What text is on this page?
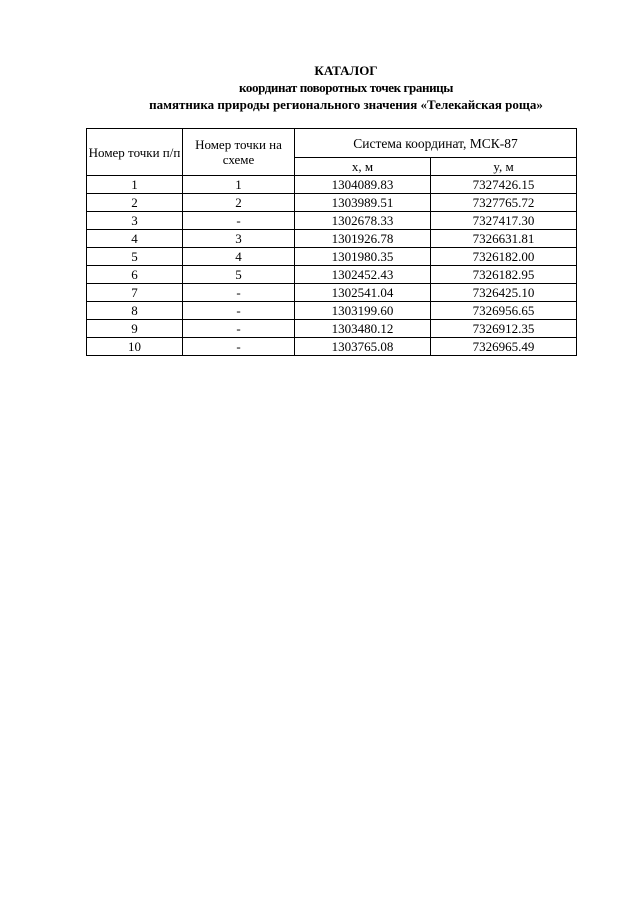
КАТАЛОГ
координат поворотных точек границы
памятника природы регионального значения «Телекайская роща»
Номер точки п/п	Номер точки на схеме	Система координат, МСК-87	
		x, м	y, м
1	1	1304089.83	7327426.15
2	2	1303989.51	7327765.72
3	-	1302678.33	7327417.30
4	3	1301926.78	7326631.81
5	4	1301980.35	7326182.00
6	5	1302452.43	7326182.95
7	-	1302541.04	7326425.10
8	-	1303199.60	7326956.65
9	-	1303480.12	7326912.35
10	-	1303765.08	7326965.49
